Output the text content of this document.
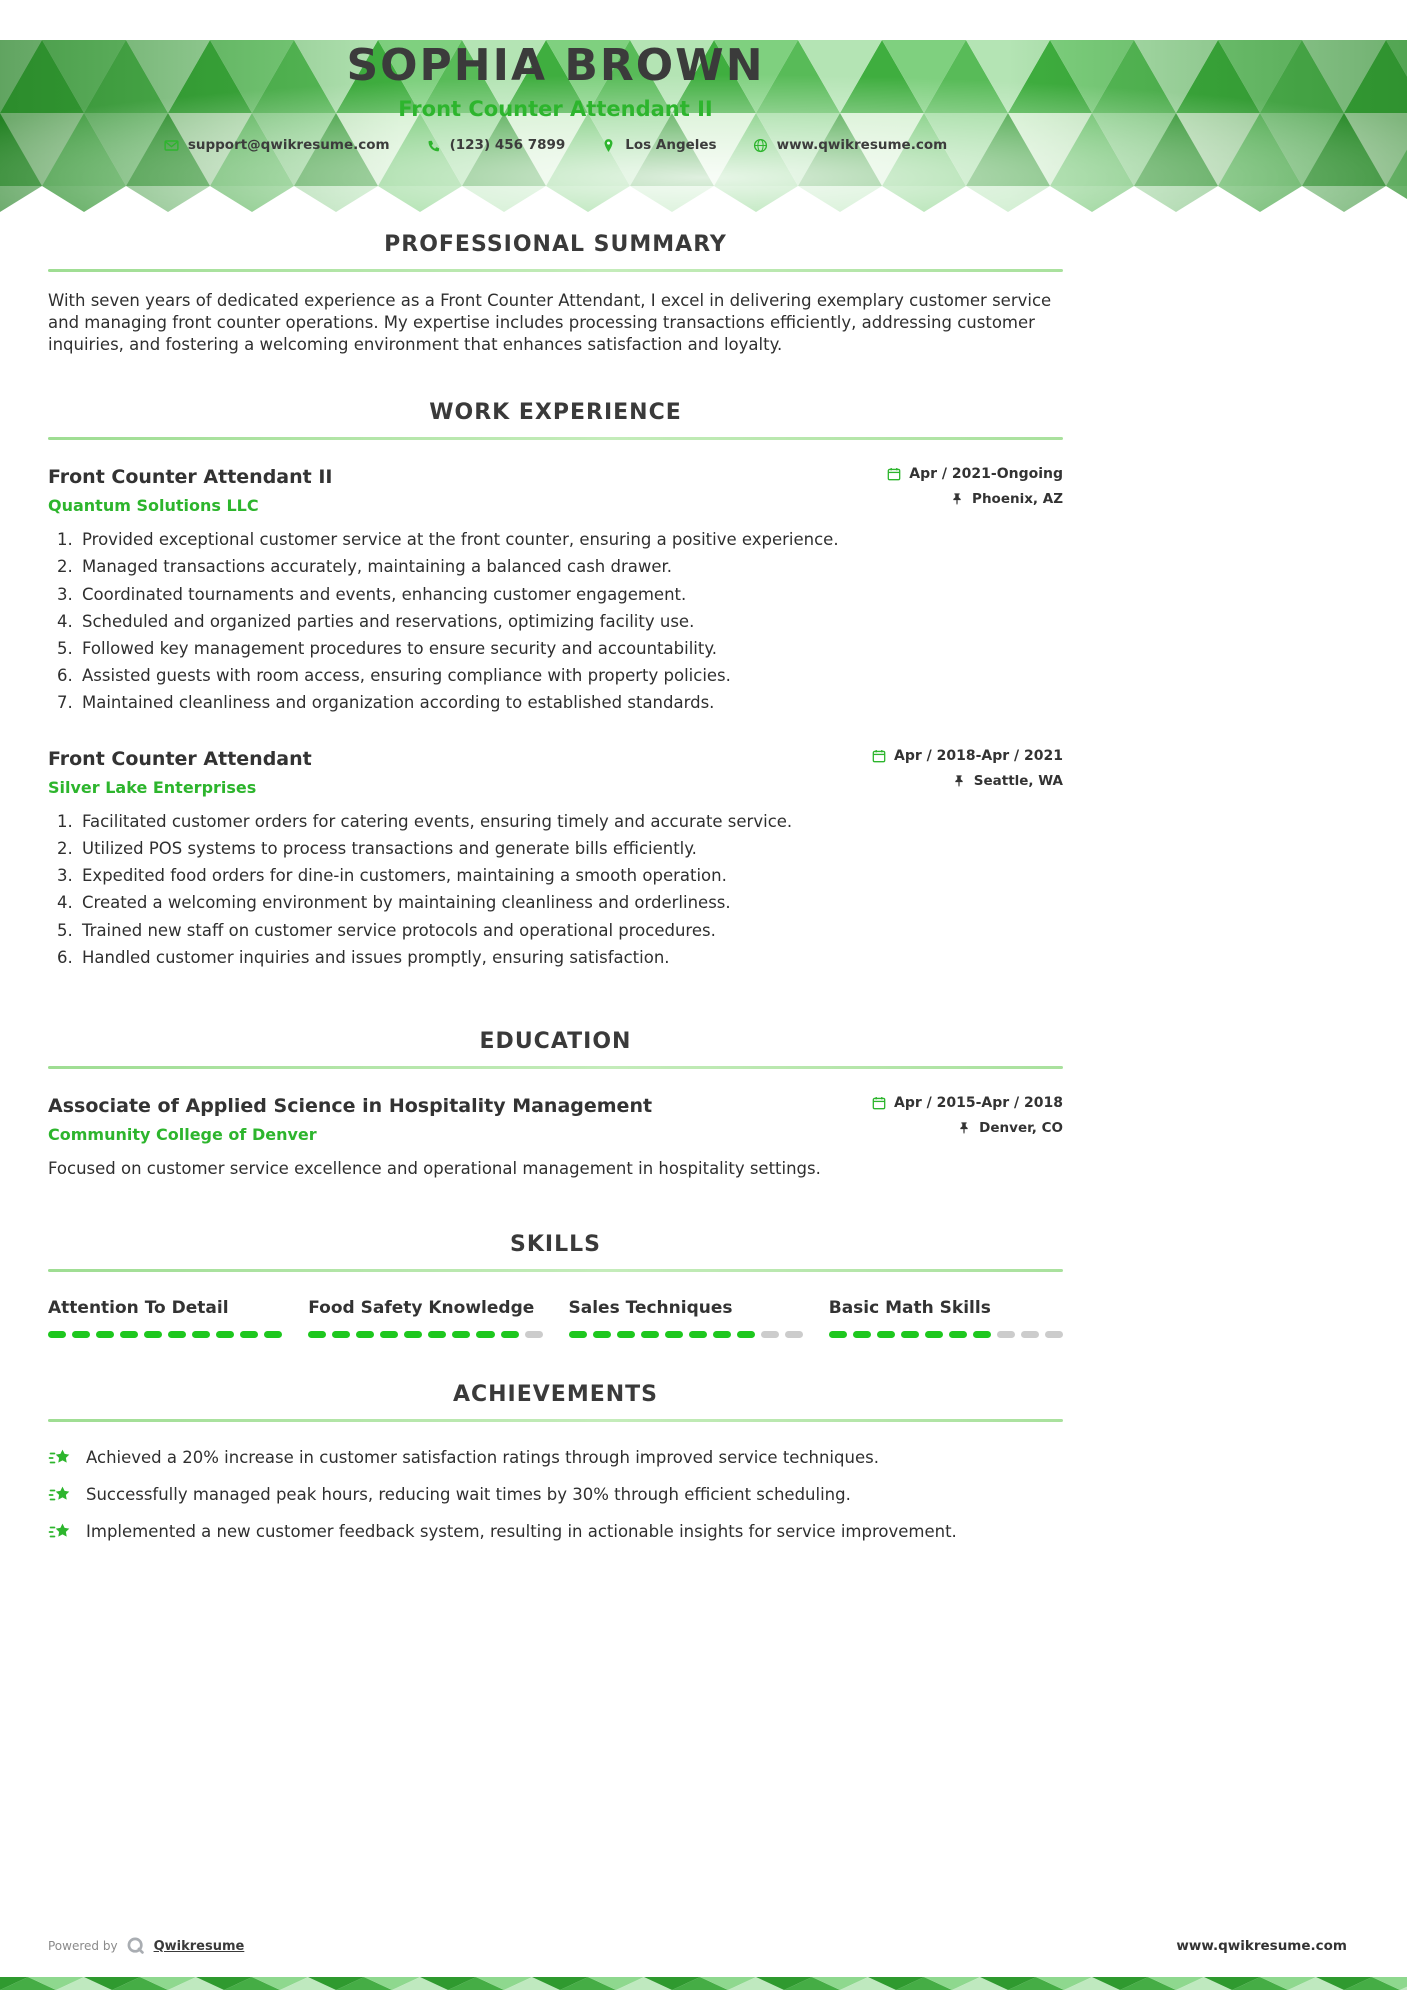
SOPHIA BROWN
Front Counter Attendant II
support@qwikresume.com	(123) 456 7899	Los Angeles	www.qwikresume.com
PROFESSIONAL SUMMARY

With seven years of dedicated experience as a Front Counter Attendant, I excel in delivering exemplary customer service and managing front counter operations. My expertise includes processing transactions efficiently, addressing customer inquiries, and fostering a welcoming environment that enhances satisfaction and loyalty.

WORK EXPERIENCE
Front Counter Attendant II
Quantum Solutions LLC
Apr / 2021-Ongoing
Phoenix, AZ
1. Provided exceptional customer service at the front counter, ensuring a positive experience.
2. Managed transactions accurately, maintaining a balanced cash drawer.
3. Coordinated tournaments and events, enhancing customer engagement.
4. Scheduled and organized parties and reservations, optimizing facility use.
5. Followed key management procedures to ensure security and accountability.
6. Assisted guests with room access, ensuring compliance with property policies.
7. Maintained cleanliness and organization according to established standards.
Front Counter Attendant
Silver Lake Enterprises
Apr / 2018-Apr / 2021
Seattle, WA
1. Facilitated customer orders for catering events, ensuring timely and accurate service.
2. Utilized POS systems to process transactions and generate bills efficiently.
3. Expedited food orders for dine-in customers, maintaining a smooth operation.
4. Created a welcoming environment by maintaining cleanliness and orderliness.
5. Trained new staff on customer service protocols and operational procedures.
6. Handled customer inquiries and issues promptly, ensuring satisfaction.
EDUCATION
Associate of Applied Science in Hospitality Management
Community College of Denver
Apr / 2015-Apr / 2018
Denver, CO

Focused on customer service excellence and operational management in hospitality settings.

SKILLS
Attention To Detail	Food Safety Knowledge	Sales Techniques	Basic Math Skills
ACHIEVEMENTS
Achieved a 20% increase in customer satisfaction ratings through improved service techniques.
Successfully managed peak hours, reducing wait times by 30% through efficient scheduling.
Implemented a new customer feedback system, resulting in actionable insights for service improvement.
Powered by	Qwikresume	www.qwikresume.com
